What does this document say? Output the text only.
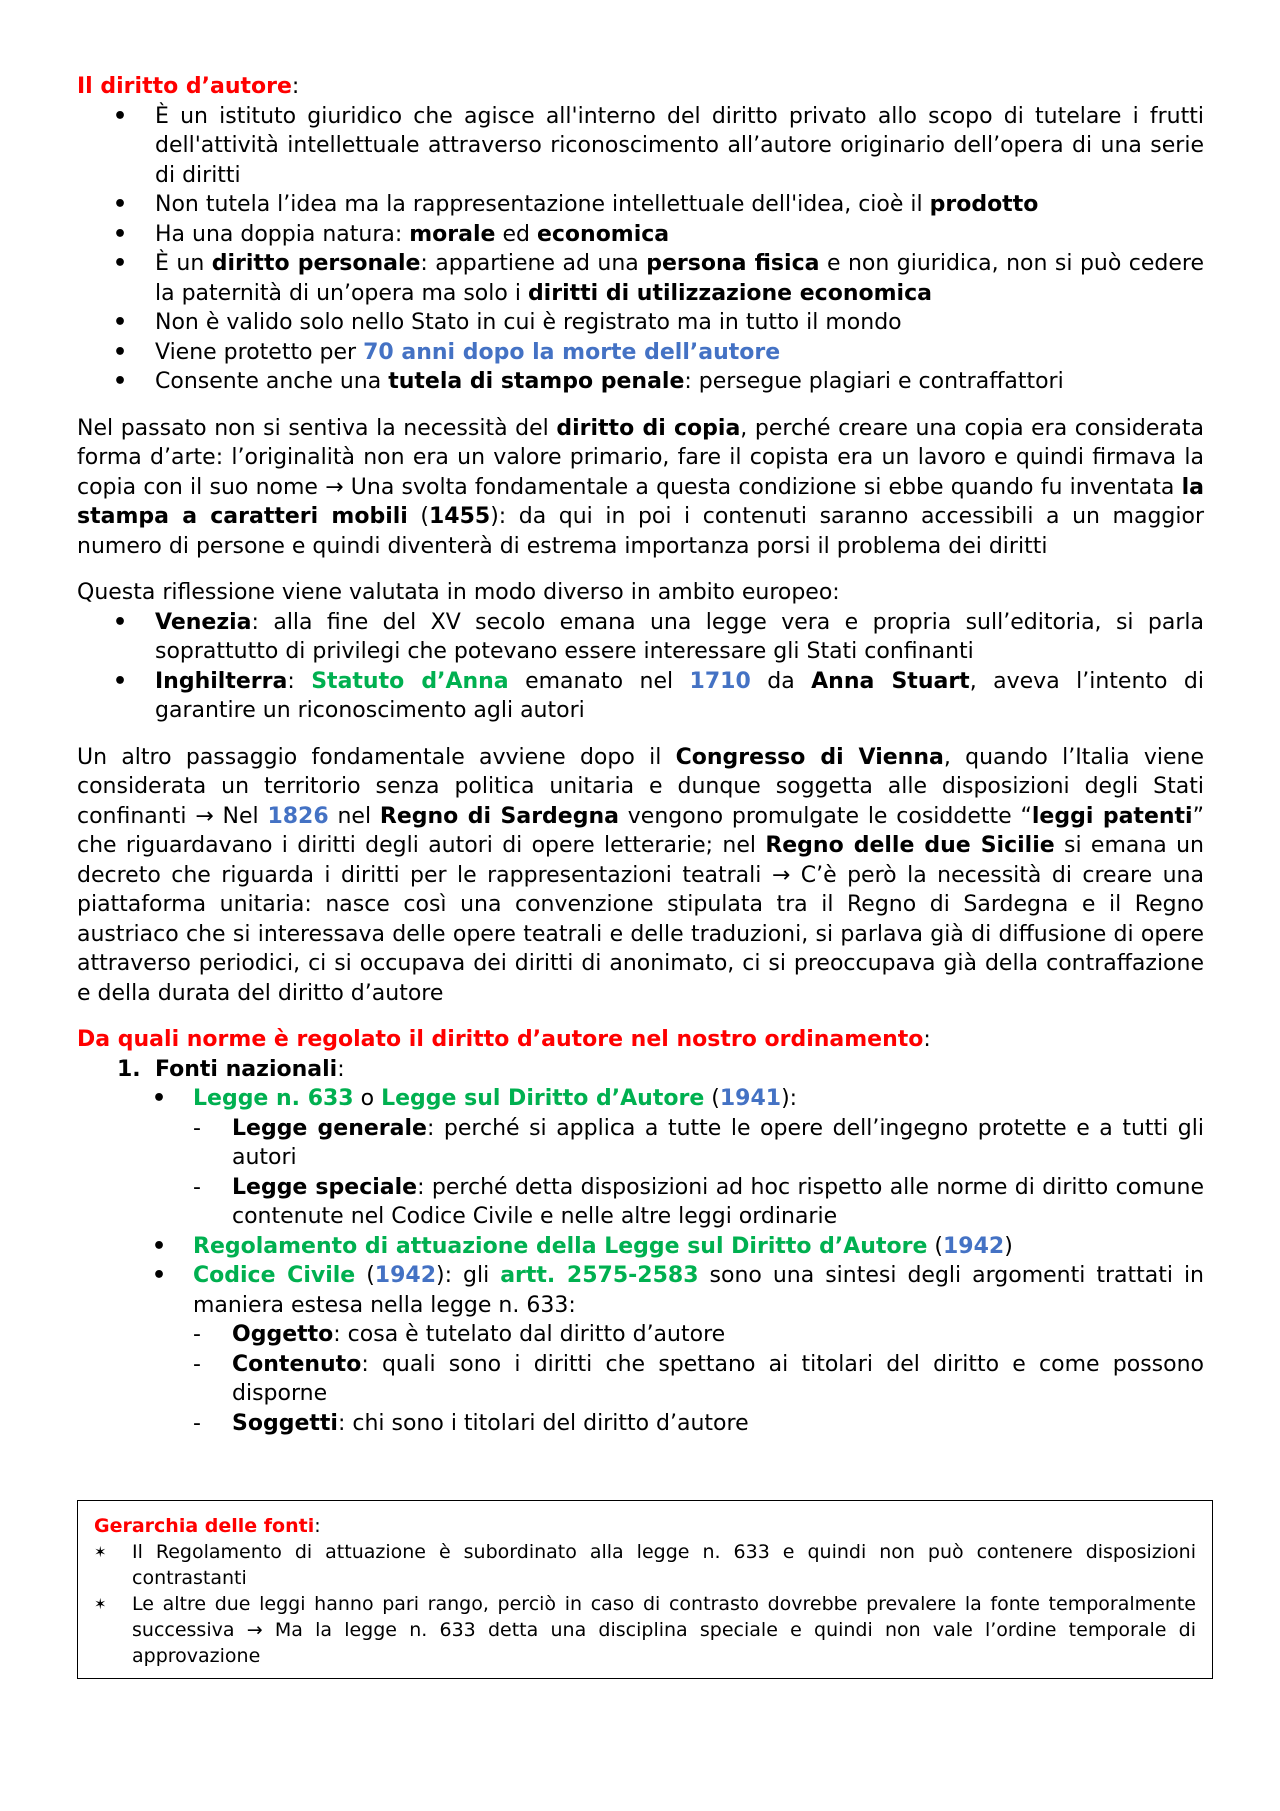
Il diritto d’autore:

• È un istituto giuridico che agisce all'interno del diritto privato allo scopo di tutelare i frutti dell'attività intellettuale attraverso riconoscimento all’autore originario dell’opera di una serie di diritti
• Non tutela l’idea ma la rappresentazione intellettuale dell'idea, cioè il prodotto
• Ha una doppia natura: morale ed economica
• È un diritto personale: appartiene ad una persona fisica e non giuridica, non si può cedere la paternità di un’opera ma solo i diritti di utilizzazione economica
• Non è valido solo nello Stato in cui è registrato ma in tutto il mondo
• Viene protetto per 70 anni dopo la morte dell’autore
• Consente anche una tutela di stampo penale: persegue plagiari e contraffattori

Nel passato non si sentiva la necessità del diritto di copia, perché creare una copia era considerata forma d’arte: l’originalità non era un valore primario, fare il copista era un lavoro e quindi firmava la copia con il suo nome → Una svolta fondamentale a questa condizione si ebbe quando fu inventata la stampa a caratteri mobili (1455): da qui in poi i contenuti saranno accessibili a un maggior numero di persone e quindi diventerà di estrema importanza porsi il problema dei diritti

Questa riflessione viene valutata in modo diverso in ambito europeo:

• Venezia: alla fine del XV secolo emana una legge vera e propria sull’editoria, si parla soprattutto di privilegi che potevano essere interessare gli Stati confinanti
• Inghilterra: Statuto d’Anna emanato nel 1710 da Anna Stuart, aveva l’intento di garantire un riconoscimento agli autori

Un altro passaggio fondamentale avviene dopo il Congresso di Vienna, quando l’Italia viene considerata un territorio senza politica unitaria e dunque soggetta alle disposizioni degli Stati confinanti → Nel 1826 nel Regno di Sardegna vengono promulgate le cosiddette “leggi patenti” che riguardavano i diritti degli autori di opere letterarie; nel Regno delle due Sicilie si emana un decreto che riguarda i diritti per le rappresentazioni teatrali → C’è però la necessità di creare una piattaforma unitaria: nasce così una convenzione stipulata tra il Regno di Sardegna e il Regno austriaco che si interessava delle opere teatrali e delle traduzioni, si parlava già di diffusione di opere attraverso periodici, ci si occupava dei diritti di anonimato, ci si preoccupava già della contraffazione e della durata del diritto d’autore

Da quali norme è regolato il diritto d’autore nel nostro ordinamento:

1. Fonti nazionali:
• Legge n. 633 o Legge sul Diritto d’Autore (1941):
- Legge generale: perché si applica a tutte le opere dell’ingegno protette e a tutti gli autori
- Legge speciale: perché detta disposizioni ad hoc rispetto alle norme di diritto comune contenute nel Codice Civile e nelle altre leggi ordinarie
• Regolamento di attuazione della Legge sul Diritto d’Autore (1942)
• Codice Civile (1942): gli artt. 2575-2583 sono una sintesi degli argomenti trattati in maniera estesa nella legge n. 633:
- Oggetto: cosa è tutelato dal diritto d’autore
- Contenuto: quali sono i diritti che spettano ai titolari del diritto e come possono disporne
- Soggetti: chi sono i titolari del diritto d’autore

Gerarchia delle fonti:

✶ Il Regolamento di attuazione è subordinato alla legge n. 633 e quindi non può contenere disposizioni contrastanti
✶ Le altre due leggi hanno pari rango, perciò in caso di contrasto dovrebbe prevalere la fonte temporalmente successiva → Ma la legge n. 633 detta una disciplina speciale e quindi non vale l’ordine temporale di approvazione
